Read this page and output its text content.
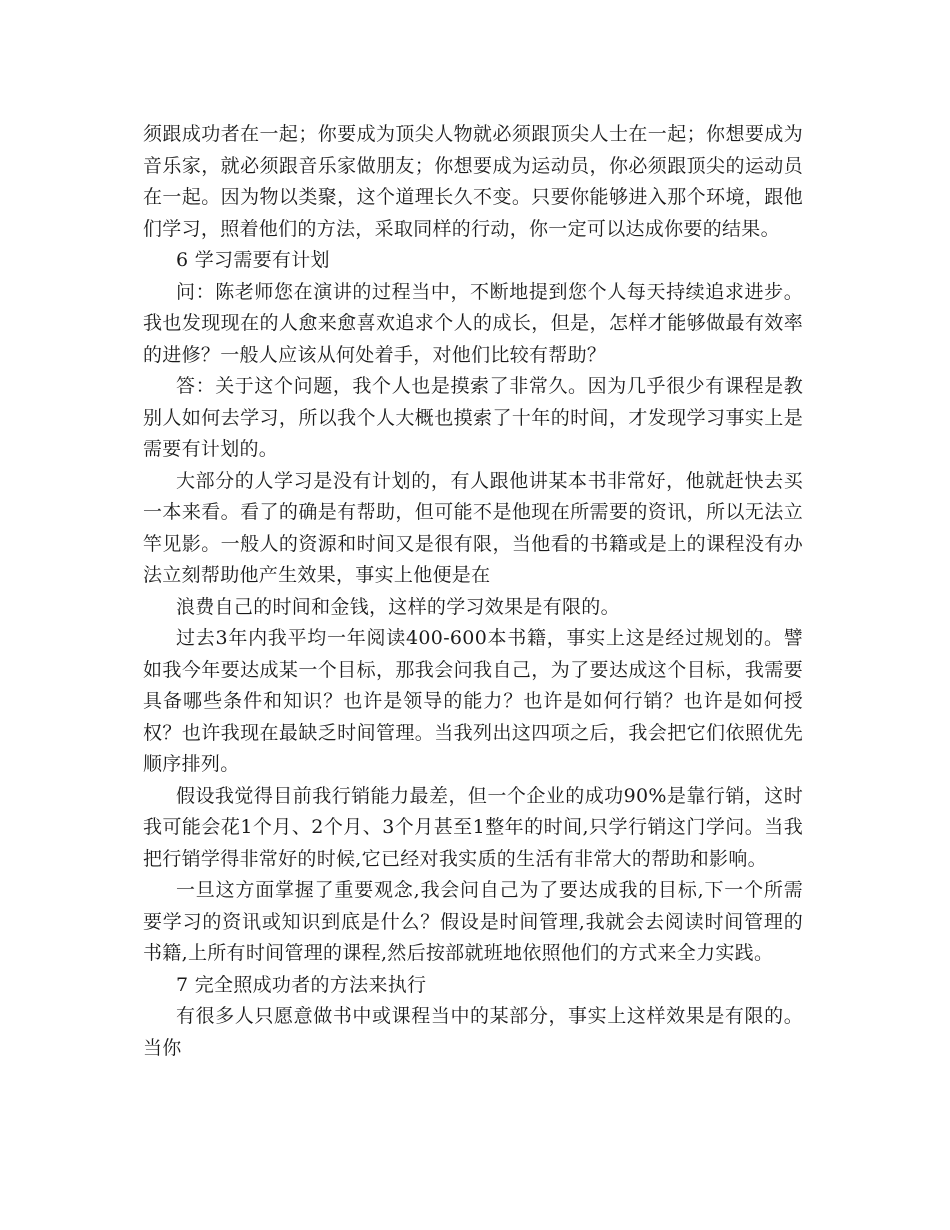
须跟成功者在一起；你要成为顶尖人物就必须跟顶尖人士在一起；你想要成为音乐家，就必须跟音乐家做朋友；你想要成为运动员，你必须跟顶尖的运动员在一起。因为物以类聚，这个道理长久不变。只要你能够进入那个环境，跟他们学习，照着他们的方法，采取同样的行动，你一定可以达成你要的结果。

6 学习需要有计划

问：陈老师您在演讲的过程当中，不断地提到您个人每天持续追求进步。我也发现现在的人愈来愈喜欢追求个人的成长，但是，怎样才能够做最有效率的进修？一般人应该从何处着手，对他们比较有帮助？

答：关于这个问题，我个人也是摸索了非常久。因为几乎很少有课程是教别人如何去学习，所以我个人大概也摸索了十年的时间，才发现学习事实上是需要有计划的。

大部分的人学习是没有计划的，有人跟他讲某本书非常好，他就赶快去买一本来看。看了的确是有帮助，但可能不是他现在所需要的资讯，所以无法立竿见影。一般人的资源和时间又是很有限，当他看的书籍或是上的课程没有办法立刻帮助他产生效果，事实上他便是在

浪费自己的时间和金钱，这样的学习效果是有限的。

过去3年内我平均一年阅读400-600本书籍，事实上这是经过规划的。譬如我今年要达成某一个目标，那我会问我自己，为了要达成这个目标，我需要具备哪些条件和知识？也许是领导的能力？也许是如何行销？也许是如何授权？也许我现在最缺乏时间管理。当我列出这四项之后，我会把它们依照优先顺序排列。

假设我觉得目前我行销能力最差，但一个企业的成功90%是靠行销，这时我可能会花1个月、2个月、3个月甚至1整年的时间,只学行销这门学问。当我把行销学得非常好的时候,它已经对我实质的生活有非常大的帮助和影响。

一旦这方面掌握了重要观念,我会问自己为了要达成我的目标,下一个所需要学习的资讯或知识到底是什么？假设是时间管理,我就会去阅读时间管理的书籍,上所有时间管理的课程,然后按部就班地依照他们的方式来全力实践。

7 完全照成功者的方法来执行

有很多人只愿意做书中或课程当中的某部分，事实上这样效果是有限的。当你
